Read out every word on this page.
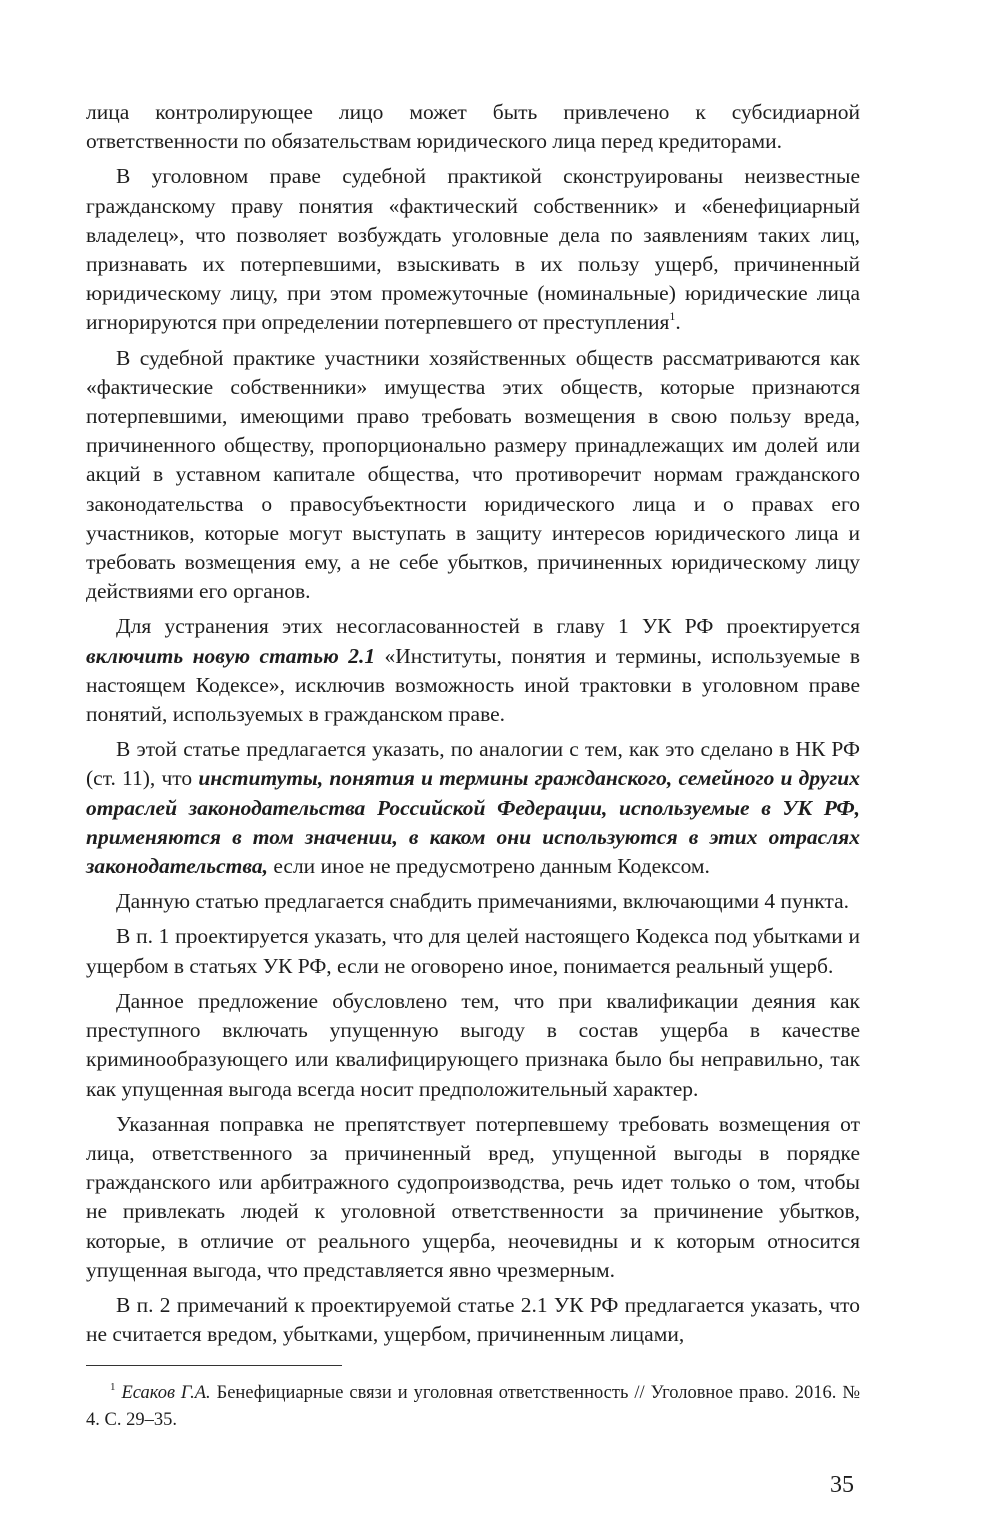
лица контролирующее лицо может быть привлечено к субсидиарной ответственности по обязательствам юридического лица перед кредиторами.

В уголовном праве судебной практикой сконструированы неизвестные гражданскому праву понятия «фактический собственник» и «бенефициарный владелец», что позволяет возбуждать уголовные дела по заявлениям таких лиц, признавать их потерпевшими, взыскивать в их пользу ущерб, причиненный юридическому лицу, при этом промежуточные (номинальные) юридические лица игнорируются при определении потерпевшего от преступления$^1$.

В судебной практике участники хозяйственных обществ рассматриваются как «фактические собственники» имущества этих обществ, которые признаются потерпевшими, имеющими право требовать возмещения в свою пользу вреда, причиненного обществу, пропорционально размеру принадлежащих им долей или акций в уставном капитале общества, что противоречит нормам гражданского законодательства о правосубъектности юридического лица и о правах его участников, которые могут выступать в защиту интересов юридического лица и требовать возмещения ему, а не себе убытков, причиненных юридическому лицу действиями его органов.

Для устранения этих несогласованностей в главу 1 УК РФ проектируется включить новую статью 2.1 «Институты, понятия и термины, используемые в настоящем Кодексе», исключив возможность иной трактовки в уголовном праве понятий, используемых в гражданском праве.

В этой статье предлагается указать, по аналогии с тем, как это сделано в НК РФ (ст. 11), что институты, понятия и термины гражданского, семейного и других отраслей законодательства Российской Федерации, используемые в УК РФ, применяются в том значении, в каком они используются в этих отраслях законодательства, если иное не предусмотрено данным Кодексом.

Данную статью предлагается снабдить примечаниями, включающими 4 пункта.

В п. 1 проектируется указать, что для целей настоящего Кодекса под убытками и ущербом в статьях УК РФ, если не оговорено иное, понимается реальный ущерб.

Данное предложение обусловлено тем, что при квалификации деяния как преступного включать упущенную выгоду в состав ущерба в качестве криминообразующего или квалифицирующего признака было бы неправильно, так как упущенная выгода всегда носит предположительный характер.

Указанная поправка не препятствует потерпевшему требовать возмещения от лица, ответственного за причиненный вред, упущенной выгоды в порядке гражданского или арбитражного судопроизводства, речь идет только о том, чтобы не привлекать людей к уголовной ответственности за причинение убытков, которые, в отличие от реального ущерба, неочевидны и к которым относится упущенная выгода, что представляется явно чрезмерным.

В п. 2 примечаний к проектируемой статье 2.1 УК РФ предлагается указать, что не считается вредом, убытками, ущербом, причиненным лицами,

$^1$ Есаков Г.А. Бенефициарные связи и уголовная ответственность // Уголовное право. 2016. № 4. С. 29–35.
35
